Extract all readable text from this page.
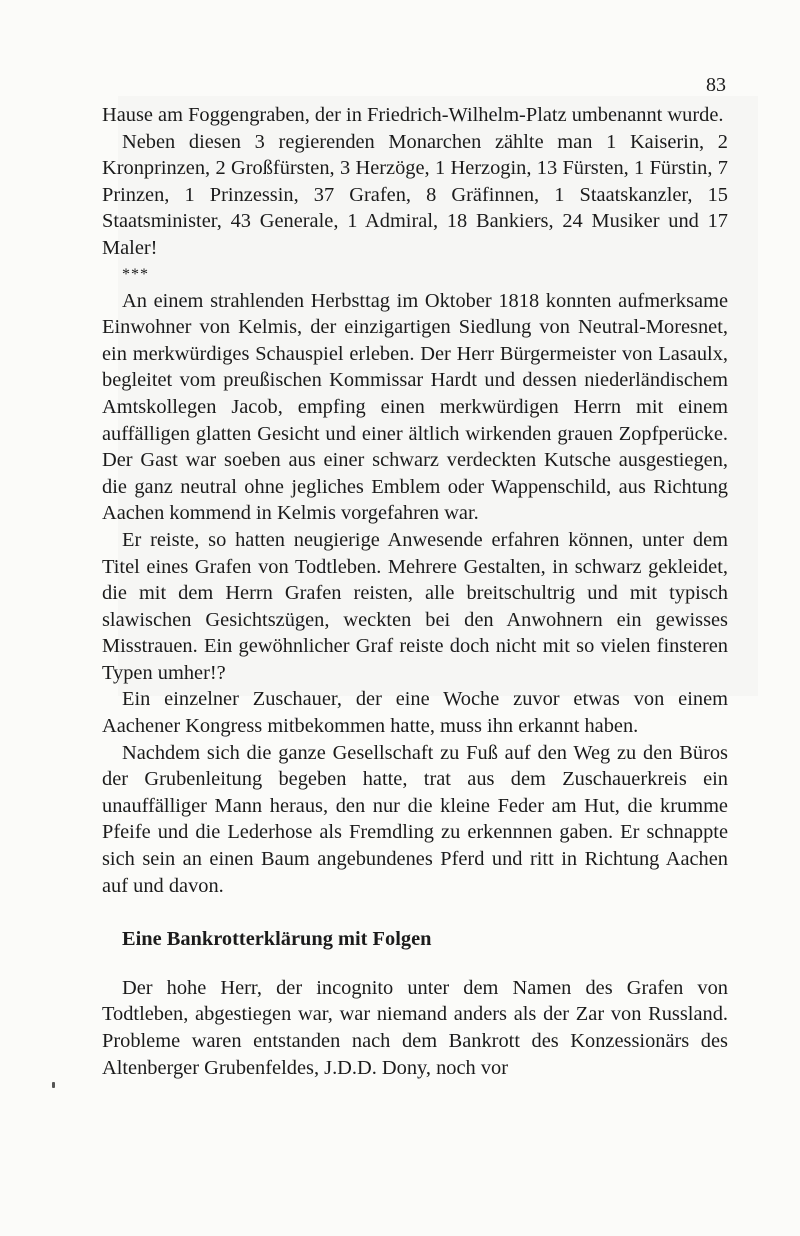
83

Hause am Foggengraben, der in Friedrich-Wilhelm-Platz umbenannt wurde.

Neben diesen 3 regierenden Monarchen zählte man 1 Kaiserin, 2 Kronprinzen, 2 Großfürsten, 3 Herzöge, 1 Herzogin, 13 Fürsten, 1 Fürstin, 7 Prinzen, 1 Prinzessin, 37 Grafen, 8 Gräfinnen, 1 Staatskanzler, 15 Staatsminister, 43 Generale, 1 Admiral, 18 Bankiers, 24 Musiker und 17 Maler!

***

An einem strahlenden Herbsttag im Oktober 1818 konnten aufmerksame Einwohner von Kelmis, der einzigartigen Siedlung von Neutral-Moresnet, ein merkwürdiges Schauspiel erleben. Der Herr Bürgermeister von Lasaulx, begleitet vom preußischen Kommissar Hardt und dessen niederländischem Amtskollegen Jacob, empfing einen merkwürdigen Herrn mit einem auffälligen glatten Gesicht und einer ältlich wirkenden grauen Zopfperücke. Der Gast war soeben aus einer schwarz verdeckten Kutsche ausgestiegen, die ganz neutral ohne jegliches Emblem oder Wappenschild, aus Richtung Aachen kommend in Kelmis vorgefahren war.

Er reiste, so hatten neugierige Anwesende erfahren können, unter dem Titel eines Grafen von Todtleben. Mehrere Gestalten, in schwarz gekleidet, die mit dem Herrn Grafen reisten, alle breitschultrig und mit typisch slawischen Gesichtszügen, weckten bei den Anwohnern ein gewisses Misstrauen. Ein gewöhnlicher Graf reiste doch nicht mit so vielen finsteren Typen umher!?

Ein einzelner Zuschauer, der eine Woche zuvor etwas von einem Aachener Kongress mitbekommen hatte, muss ihn erkannt haben.

Nachdem sich die ganze Gesellschaft zu Fuß auf den Weg zu den Büros der Grubenleitung begeben hatte, trat aus dem Zuschauerkreis ein unauffälliger Mann heraus, den nur die kleine Feder am Hut, die krumme Pfeife und die Lederhose als Fremdling zu erkennnen gaben. Er schnappte sich sein an einen Baum angebundenes Pferd und ritt in Richtung Aachen auf und davon.

Eine Bankrotterklärung mit Folgen

Der hohe Herr, der incognito unter dem Namen des Grafen von Todtleben, abgestiegen war, war niemand anders als der Zar von Russland. Probleme waren entstanden nach dem Bankrott des Konzessionärs des Altenberger Grubenfeldes, J.D.D. Dony, noch vor
